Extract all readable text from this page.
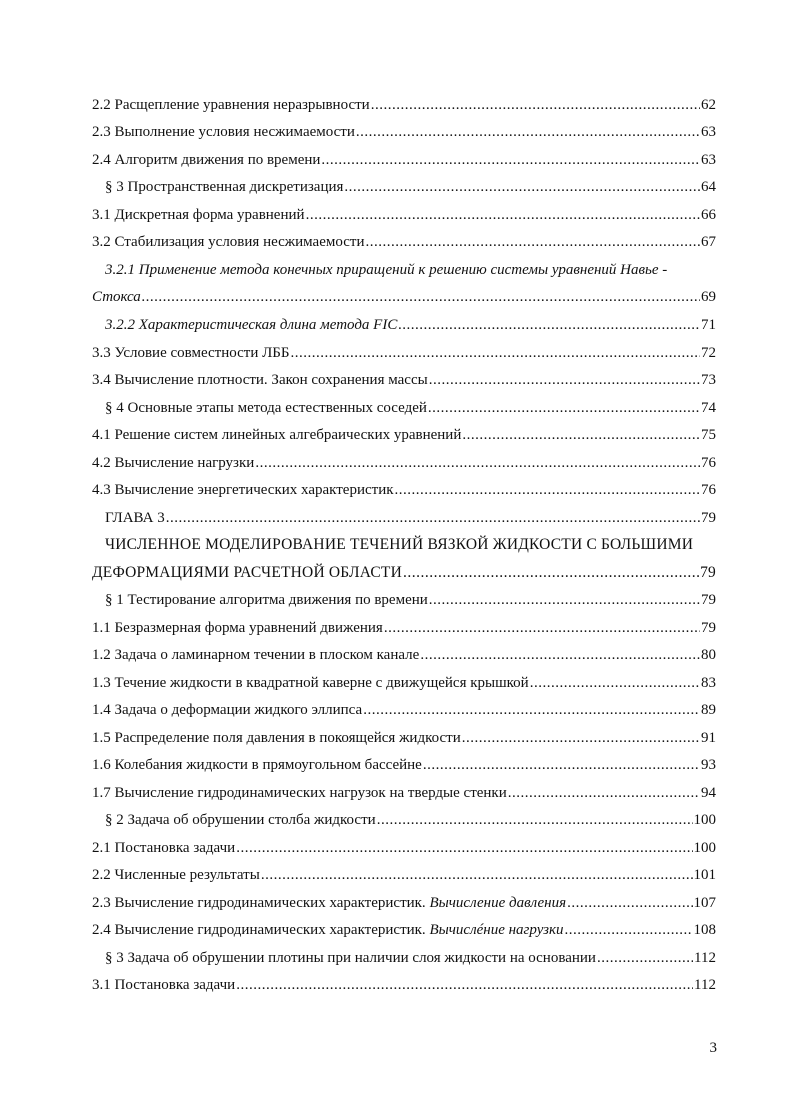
2.2 Расщепление уравнения неразрывности .....	62
2.3 Выполнение условия несжимаемости .....	63
2.4 Алгоритм движения по времени .....	63
§ 3 Пространственная дискретизация .....	64
3.1 Дискретная форма уравнений .....	66
3.2 Стабилизация условия несжимаемости .....	67
3.2.1 Применение метода конечных приращений к решению системы уравнений Навье -
Стокса .....	69
3.2.2 Характеристическая длина метода FIC .....	71
3.3 Условие совместности ЛББ .....	72
3.4 Вычисление плотности. Закон сохранения массы .....	73
§ 4 Основные этапы метода естественных соседей .....	74
4.1 Решение систем линейных алгебраических уравнений .....	75
4.2 Вычисление нагрузки .....	76
4.3 Вычисление энергетических характеристик .....	76
ГЛАВА 3 .....	79
ЧИСЛЕННОЕ МОДЕЛИРОВАНИЕ ТЕЧЕНИЙ ВЯЗКОЙ ЖИДКОСТИ С БОЛЬШИМИ
ДЕФОРМАЦИЯМИ РАСЧЕТНОЙ ОБЛАСТИ .....	79
§ 1 Тестирование алгоритма движения по времени .....	79
1.1 Безразмерная форма уравнений движения .....	79
1.2 Задача о ламинарном течении в плоском канале .....	80
1.3 Течение жидкости в квадратной каверне с движущейся крышкой .....	83
1.4 Задача о деформации жидкого эллипса .....	89
1.5 Распределение поля давления в покоящейся жидкости .....	91
1.6 Колебания жидкости в прямоугольном бассейне .....	93
1.7 Вычисление гидродинамических нагрузок на твердые стенки .....	94
§ 2 Задача об обрушении столба жидкости .....	100
2.1 Постановка задачи .....	100
2.2 Численные результаты .....	101
2.3 Вычисление гидродинамических характеристик. Вычисление давления .....	107
2.4 Вычисление гидродинамических характеристик. Вычислéние нагрузки .....	108
§ 3 Задача об обрушении плотины при наличии слоя жидкости на основании .....	112
3.1 Постановка задачи .....	112
3
